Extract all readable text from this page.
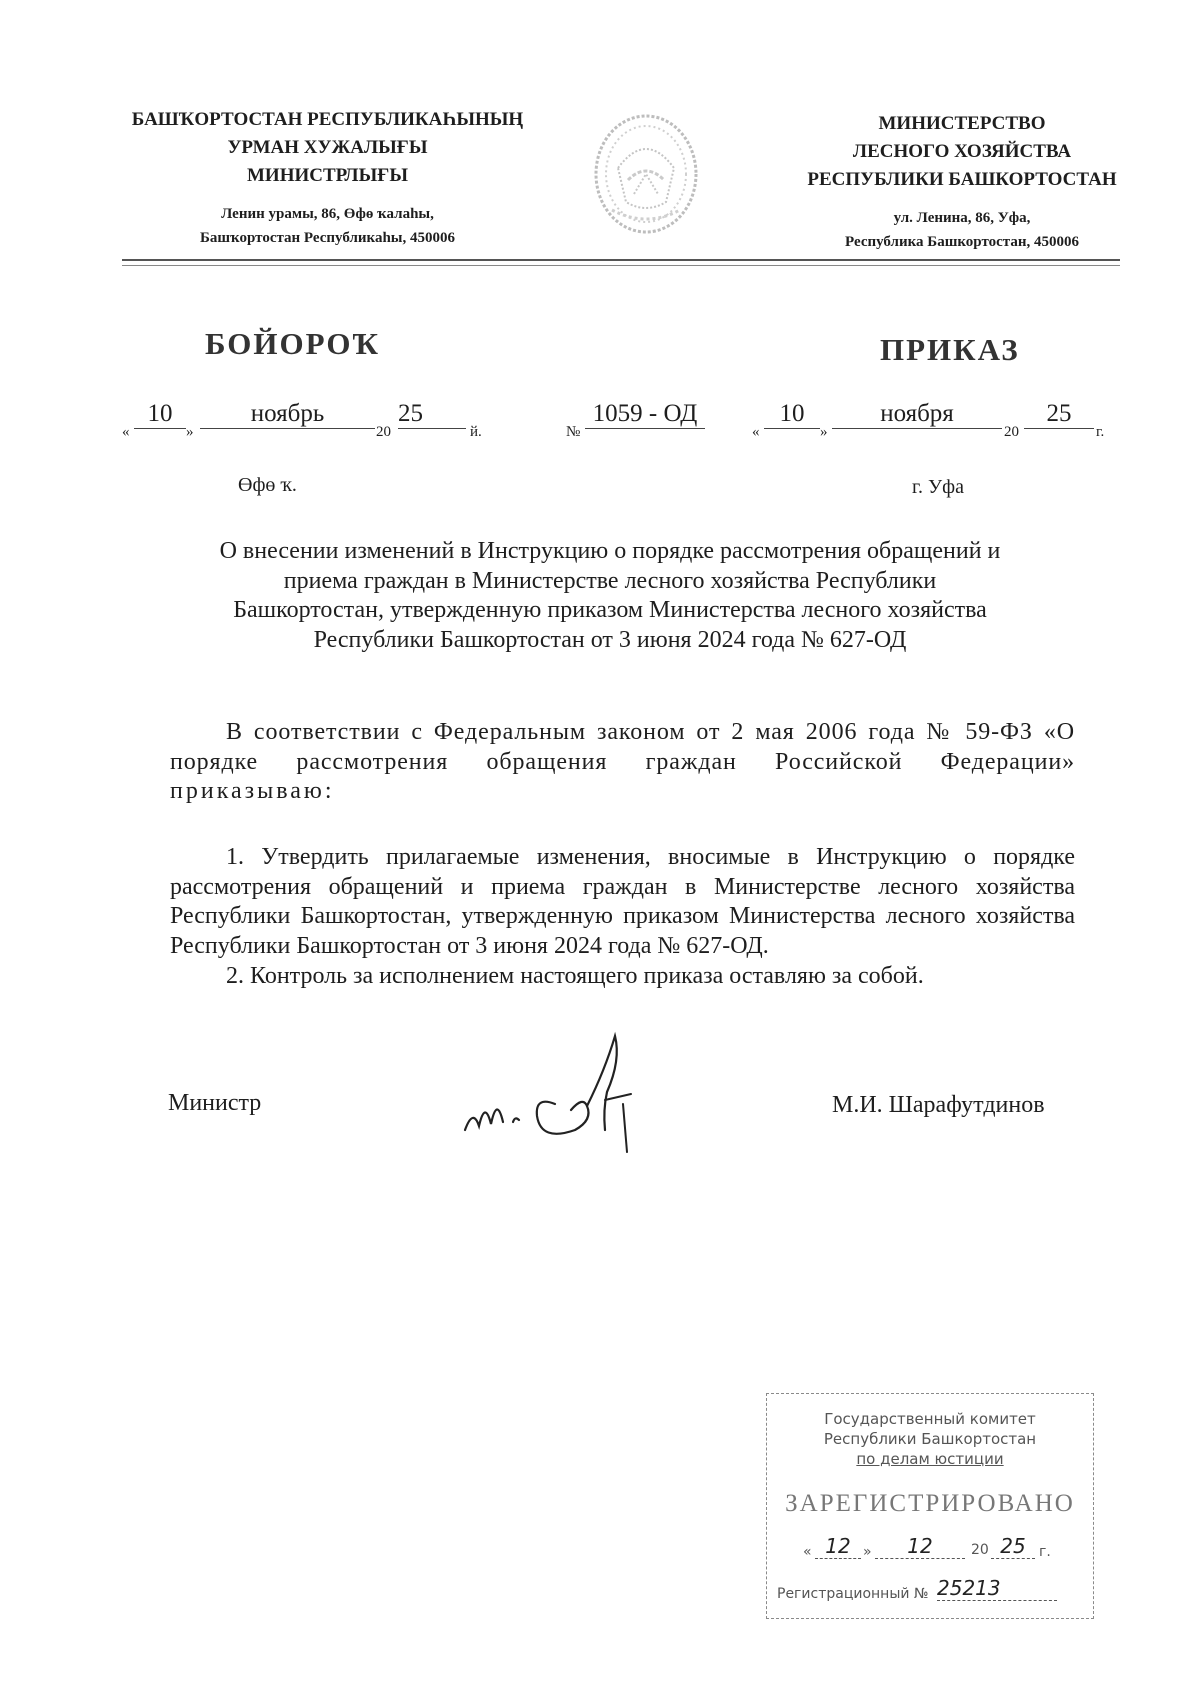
БАШҠОРТОСТАН РЕСПУБЛИКАҺЫНЫҢ
УРМАН ХУЖАЛЫҒЫ
МИНИСТРЛЫҒЫ
Ленин урамы, 86, Өфө ҡалаһы,
Башҡортостан Республикаһы, 450006
МИНИСТЕРСТВО
ЛЕСНОГО ХОЗЯЙСТВА
РЕСПУБЛИКИ БАШКОРТОСТАН
ул. Ленина, 86, Уфа,
Республика Башкортостан, 450006
БОЙОРОҠ	ПРИКАЗ
«
10
»
ноябрь
20
25
й.	№
1059 - ОД
«
10
»
ноября
20
25
г.
Өфө ҡ.	г. Уфа
О внесении изменений в Инструкцию о порядке рассмотрения обращений и
приема граждан в Министерстве лесного хозяйства Республики
Башкортостан, утвержденную приказом Министерства лесного хозяйства
Республики Башкортостан от 3 июня 2024 года № 627-ОД
В соответствии с Федеральным законом от 2 мая 2006 года № 59-ФЗ «О порядке рассмотрения обращения граждан Российской Федерации» приказываю:
1. Утвердить прилагаемые изменения, вносимые в Инструкцию о порядке рассмотрения обращений и приема граждан в Министерстве лесного хозяйства Республики Башкортостан, утвержденную приказом Министерства лесного хозяйства Республики Башкортостан от 3 июня 2024 года № 627-ОД.
2. Контроль за исполнением настоящего приказа оставляю за собой.
Министр	М.И. Шарафутдинов
Государственный комитет
Республики Башкортостан
по делам юстиции
ЗАРЕГИСТРИРОВАНО
« 12 »	12	20 25 г.
Регистрационный № 25213
